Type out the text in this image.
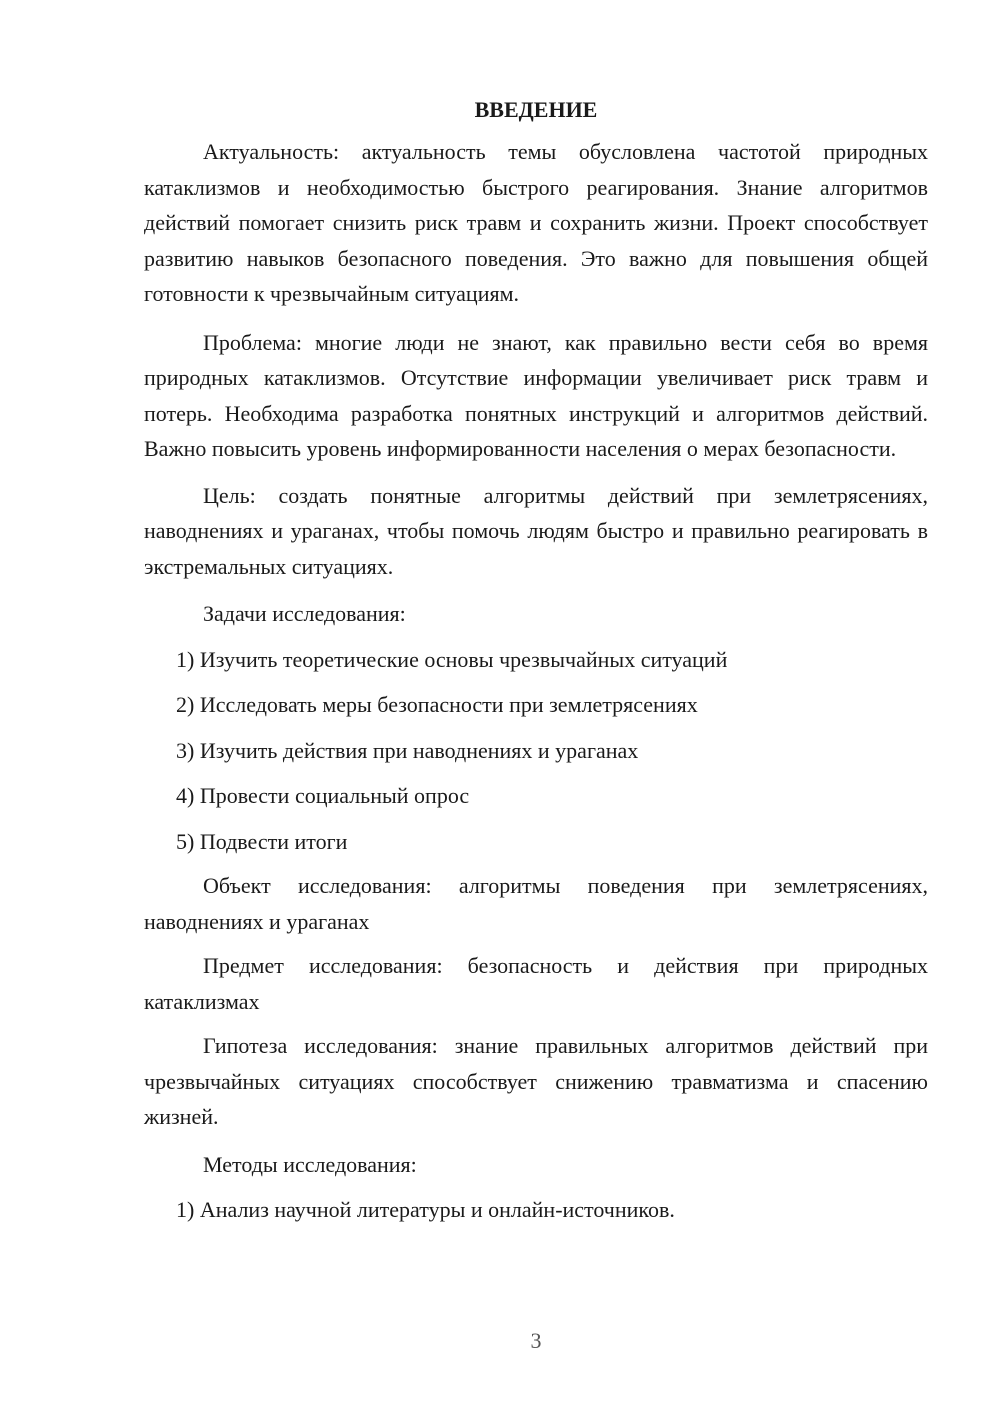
ВВЕДЕНИЕ

Актуальность: актуальность темы обусловлена частотой природных катаклизмов и необходимостью быстрого реагирования. Знание алгоритмов действий помогает снизить риск травм и сохранить жизни. Проект способствует развитию навыков безопасного поведения. Это важно для повышения общей готовности к чрезвычайным ситуациям.

Проблема: многие люди не знают, как правильно вести себя во время природных катаклизмов. Отсутствие информации увеличивает риск травм и потерь. Необходима разработка понятных инструкций и алгоритмов действий. Важно повысить уровень информированности населения о мерах безопасности.

Цель: создать понятные алгоритмы действий при землетрясениях, наводнениях и ураганах, чтобы помочь людям быстро и правильно реагировать в экстремальных ситуациях.

Задачи исследования:

1) Изучить теоретические основы чрезвычайных ситуаций
2) Исследовать меры безопасности при землетрясениях
3) Изучить действия при наводнениях и ураганах
4) Провести социальный опрос
5) Подвести итоги

Объект исследования: алгоритмы поведения при землетрясениях, наводнениях и ураганах

Предмет исследования: безопасность и действия при природных катаклизмах

Гипотеза исследования: знание правильных алгоритмов действий при чрезвычайных ситуациях способствует снижению травматизма и спасению жизней.

Методы исследования:

1) Анализ научной литературы и онлайн-источников.
3
